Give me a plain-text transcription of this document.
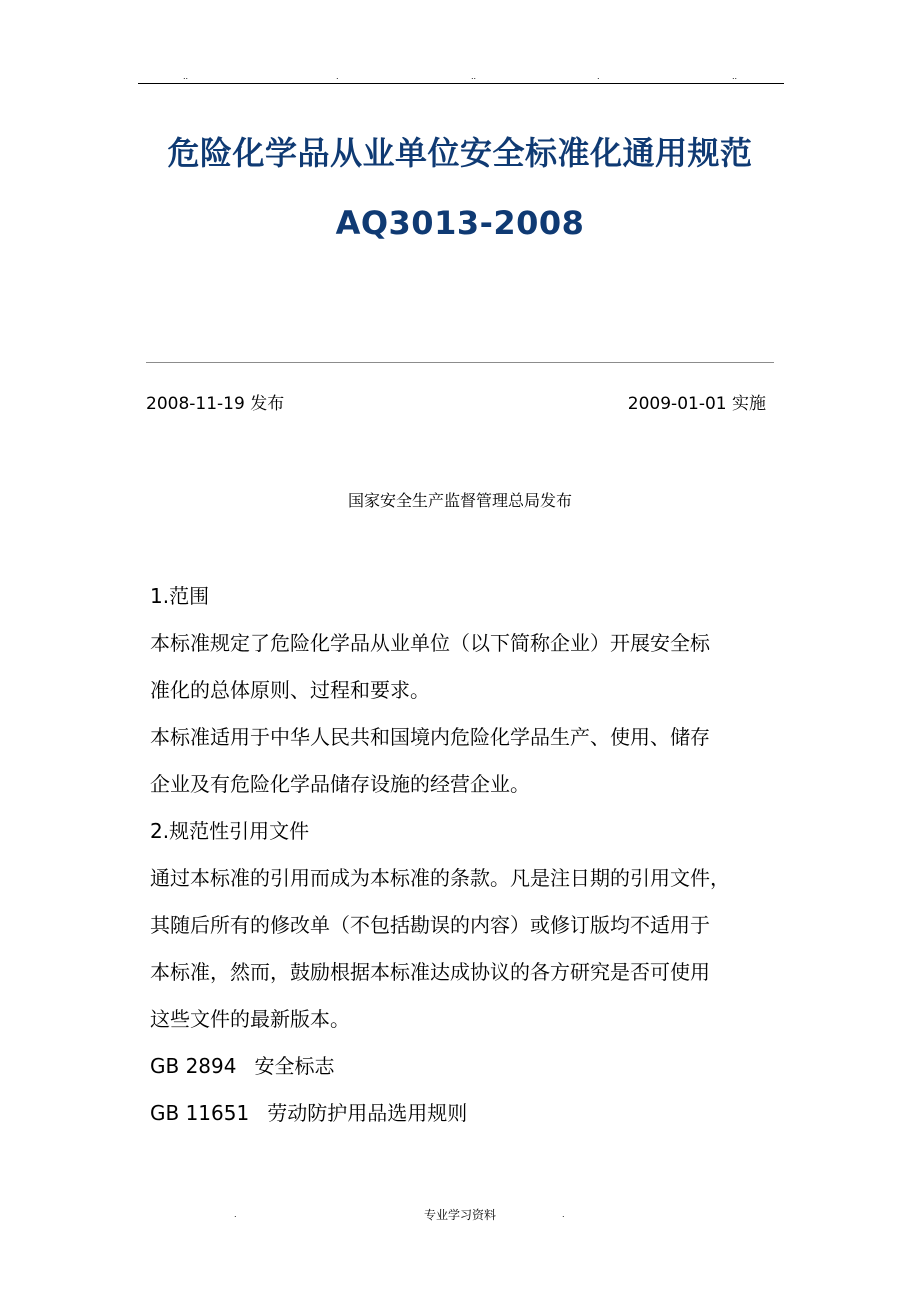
..	.	..	.	..
危险化学品从业单位安全标准化通用规范
AQ3013-2008
2008-11-19 发布	2009-01-01 实施
国家安全生产监督管理总局发布
1.范围
本标准规定了危险化学品从业单位（以下简称企业）开展安全标
准化的总体原则、过程和要求。
本标准适用于中华人民共和国境内危险化学品生产、使用、储存
企业及有危险化学品储存设施的经营企业。
2.规范性引用文件
通过本标准的引用而成为本标准的条款。凡是注日期的引用文件，
其随后所有的修改单（不包括勘误的内容）或修订版均不适用于
本标准，然而，鼓励根据本标准达成协议的各方研究是否可使用
这些文件的最新版本。
GB 2894 安全标志
GB 11651 劳动防护用品选用规则
.	专业学习资料	.
